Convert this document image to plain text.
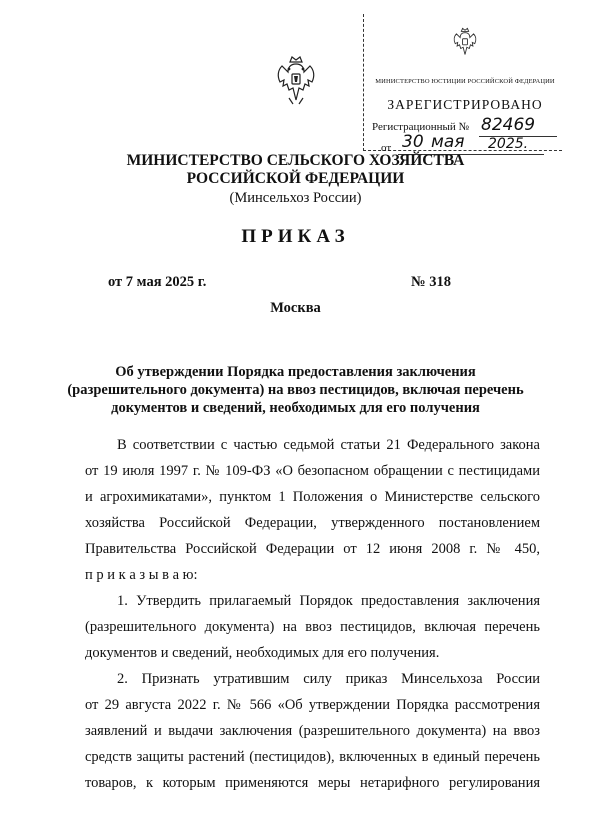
МИНИСТЕРСТВО ЮСТИЦИИ РОССИЙСКОЙ ФЕДЕРАЦИИ
ЗАРЕГИСТРИРОВАНО
Регистрационный № 82469
от 30 мая 2025.
МИНИСТЕРСТВО СЕЛЬСКОГО ХОЗЯЙСТВА
РОССИЙСКОЙ ФЕДЕРАЦИИ
(Минсельхоз России)
ПРИКАЗ
от 7 мая 2025 г.	№ 318
Москва
Об утверждении Порядка предоставления заключения
(разрешительного документа) на ввоз пестицидов, включая перечень
документов и сведений, необходимых для его получения
В соответствии с частью седьмой статьи 21 Федерального закона
от 19 июля 1997 г. № 109-ФЗ «О безопасном обращении с пестицидами
и агрохимикатами», пунктом 1 Положения о Министерстве сельского
хозяйства Российской Федерации, утвержденного постановлением
Правительства Российской Федерации от 12 июня 2008 г. № 450,
п р и к а з ы в а ю:
1. Утвердить прилагаемый Порядок предоставления заключения
(разрешительного документа) на ввоз пестицидов, включая перечень
документов и сведений, необходимых для его получения.
2. Признать утратившим силу приказ Минсельхоза России
от 29 августа 2022 г. № 566 «Об утверждении Порядка рассмотрения
заявлений и выдачи заключения (разрешительного документа) на ввоз
средств защиты растений (пестицидов), включенных в единый перечень
товаров, к которым применяются меры нетарифного регулирования
